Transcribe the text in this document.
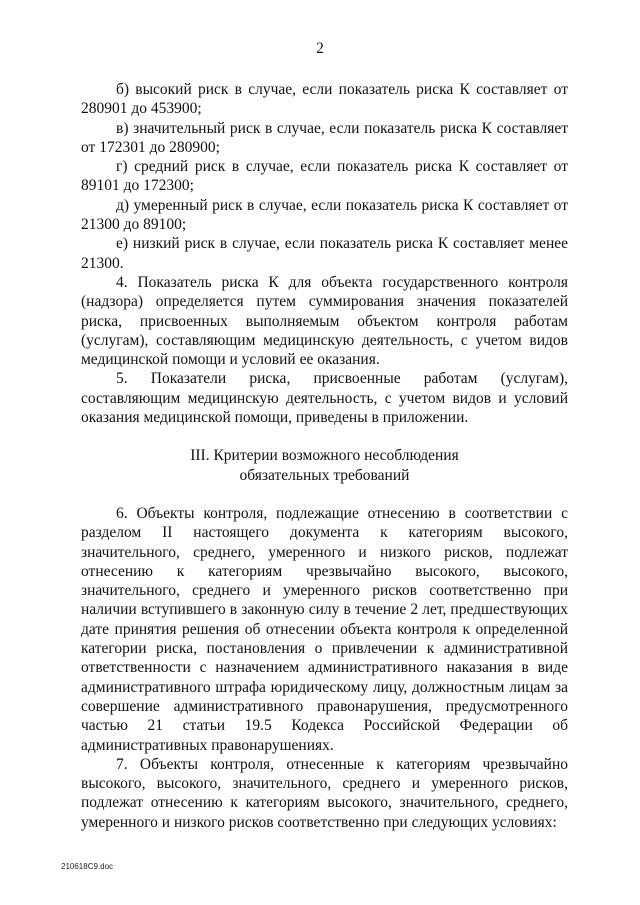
2

б) высокий риск в случае, если показатель риска К составляет от 280901 до 453900;

в) значительный риск в случае, если показатель риска К составляет от 172301 до 280900;

г) средний риск в случае, если показатель риска К составляет от 89101 до 172300;

д) умеренный риск в случае, если показатель риска К составляет от 21300 до 89100;

е) низкий риск в случае, если показатель риска К составляет менее 21300.

4. Показатель риска К для объекта государственного контроля (надзора) определяется путем суммирования значения показателей риска, присвоенных выполняемым объектом контроля работам (услугам), составляющим медицинскую деятельность, с учетом видов медицинской помощи и условий ее оказания.

5. Показатели риска, присвоенные работам (услугам), составляющим медицинскую деятельность, с учетом видов и условий оказания медицинской помощи, приведены в приложении.

III. Критерии возможного несоблюдения
обязательных требований

6. Объекты контроля, подлежащие отнесению в соответствии с разделом II настоящего документа к категориям высокого, значительного, среднего, умеренного и низкого рисков, подлежат отнесению к категориям чрезвычайно высокого, высокого, значительного, среднего и умеренного рисков соответственно при наличии вступившего в законную силу в течение 2 лет, предшествующих дате принятия решения об отнесении объекта контроля к определенной категории риска, постановления о привлечении к административной ответственности с назначением административного наказания в виде административного штрафа юридическому лицу, должностным лицам за совершение административного правонарушения, предусмотренного частью 21 статьи 19.5 Кодекса Российской Федерации об административных правонарушениях.

7. Объекты контроля, отнесенные к категориям чрезвычайно высокого, высокого, значительного, среднего и умеренного рисков, подлежат отнесению к категориям высокого, значительного, среднего, умеренного и низкого рисков соответственно при следующих условиях:

210618C9.doc
